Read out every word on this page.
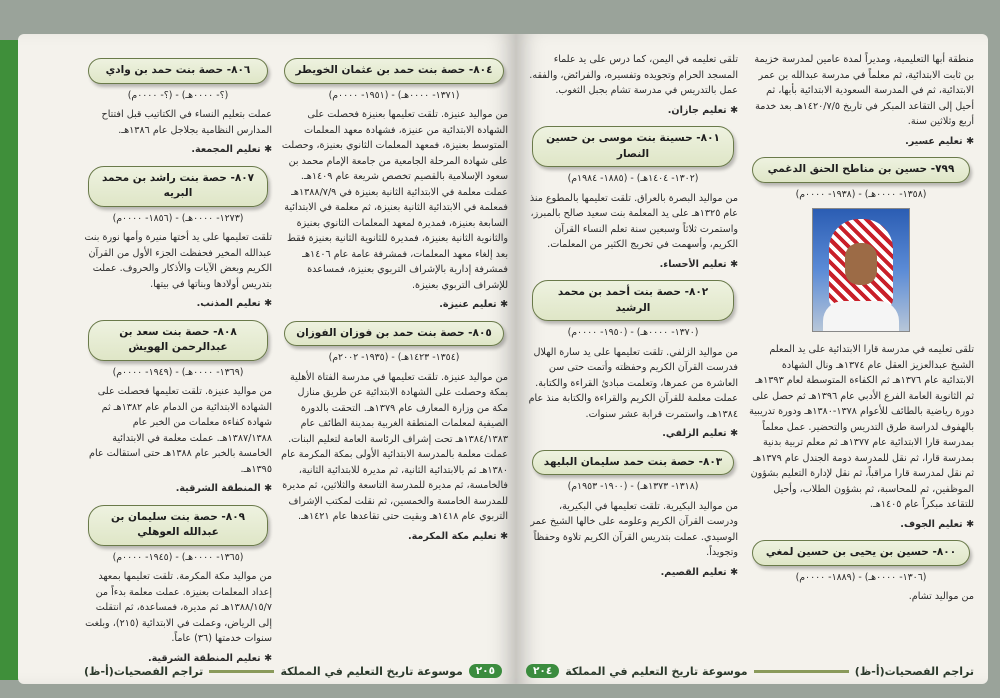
٨٠٤- حصة بنت حمد بن عثمان الخويطر
(١٣٧١- ٠٠٠٠هـ) - (١٩٥١- ٠٠٠٠م)

من مواليد عنيزة. تلقت تعليمها بعنيزة فحصلت على الشهادة الابتدائية من عنيزة، فشهادة معهد المعلمات المتوسط بعنيزة، فمعهد المعلمات الثانوي بعنيزة، وحصلت على شهادة المرحلة الجامعية من جامعة الإمام محمد بن سعود الإسلامية بالقصيم تخصص شريعة عام ١٤٠٩هـ. عملت معلمة في الابتدائية الثانية بعنيزة في ١٣٨٨/٧/٩هـ فمعلمة في الابتدائية الثانية بعنيزة، ثم معلمة في الابتدائية السابعة بعنيزة، فمديرة لمعهد المعلمات الثانوي بعنيزة والثانوية الثانية بعنيزة، فمديرة للثانوية الثانية بعنيزة فقط بعد إلغاء معهد المعلمات، فمشرفة عامة عام ١٤٠٦هـ فمشرفة إدارية بالإشراف التربوي بعنيزة، فمساعدة للإشراف التربوي بعنيزة.

✱ تعليم عنيزة.
٨٠٥- حصة بنت حمد بن فوزان الفوزان
(١٣٥٤- ١٤٢٣هـ) - (١٩٣٥- ٢٠٠٢م)

من مواليد عنيزة. تلقت تعليمها في مدرسة الفتاة الأهلية بمكة وحصلت على الشهادة الابتدائية عن طريق منازل مكة من وزارة المعارف عام ١٣٧٩هـ. التحقت بالدورة الصيفية لمعلمات المنطقة الغربية بمدينة الطائف عام ١٣٨٤/١٣٨٣هـ تحت إشراف الرئاسة العامة لتعليم البنات. عملت معلمة بالمدرسة الابتدائية الأولى بمكة المكرمة عام ١٣٨٠هـ ثم بالابتدائية الثانية، ثم مديرة للابتدائية الثانية، فالخامسة، ثم مديرة للمدرسة التاسعة والثلاثين، ثم مديرة للمدرسة الخامسة والخمسين، ثم نقلت لمكتب الإشراف التربوي عام ١٤١٨هـ وبقيت حتى تقاعدها عام ١٤٢١هـ.

✱ تعليم مكة المكرمة.
٨٠٦- حصة بنت حمد بن وادي
(؟- ٠٠٠٠هـ) - (؟- ٠٠٠٠م)

عملت بتعليم النساء في الكتاتيب قبل افتتاح المدارس النظامية بجلاجل عام ١٣٨٦هـ.

✱ تعليم المجمعة.
٨٠٧- حصة بنت راشد بن محمد البريه
(١٢٧٣- ٠٠٠٠هـ) - (١٨٥٦- ٠٠٠٠م)

تلقت تعليمها على يد أختها منيرة وأمها نورة بنت عبدالله المخير فحفظت الجزء الأول من القرآن الكريم وبعض الآيات والأذكار والحروف. عملت بتدريس أولادها وبناتها في بيتها.

✱ تعليم المذنب.
٨٠٨- حصة بنت سعد بن عبدالرحمن الهويش
(١٣٦٩- ٠٠٠٠هـ) - (١٩٤٩- ٠٠٠٠م)

من مواليد عنيزة. تلقت تعليمها فحصلت على الشهادة الابتدائية من الدمام عام ١٣٨٢هـ ثم شهادة كفاءة معلمات من الخبر عام ١٣٨٧/١٣٨٨هـ. عملت معلمة في الابتدائية الخامسة بالخبر عام ١٣٨٨هـ حتى استقالت عام ١٣٩٥هـ.

✱ المنطقة الشرقية.
٨٠٩- حصة بنت سليمان بن عبدالله العوهلي
(١٣٦٥- ٠٠٠٠هـ) - (١٩٤٥- ٠٠٠٠م)

من مواليد مكة المكرمة. تلقت تعليمها بمعهد إعداد المعلمات بعنيزة. عملت معلمة بدءاً من ١٣٨٨/١٥/٧هـ ثم مديرة، فمساعدة، ثم انتقلت إلى الرياض، وعملت في الابتدائية (٢١٥)، وبلغت سنوات خدمتها (٣٦) عاماً.

✱ تعليم المنطقة الشرقية.
٢٠٥
موسوعة تاريخ التعليم في المملكة
تراجم الفصحيات(أ-ظ)

تلقى تعليمه في اليمن، كما درس على يد علماء المسجد الحرام وتجويده وتفسيره، والفرائض، والفقه. عمل بالتدريس في مدرسة تشام بجبل الثغوب.

✱ تعليم جازان.
٨٠١- حسينة بنت موسى بن حسين النصار
(١٣٠٢- ١٤٠٤هـ) - (١٨٨٥- ١٩٨٤م)

من مواليد البصرة بالعراق. تلقت تعليمها بالمطوع منذ عام ١٣٢٥هـ على يد المعلمة بنت سعيد صالح بالمبرز، واستمرت ثلاثاً وسبعين سنة تعلم النساء القرآن الكريم، وأسهمت في تخريج الكثير من المعلمات.

✱ تعليم الأحساء.
٨٠٢- حصة بنت أحمد بن محمد الرشيد
(١٣٧٠- ٠٠٠٠هـ) - (١٩٥٠- ٠٠٠٠م)

من مواليد الزلفي. تلقت تعليمها على يد سارة الهلال فدرست القرآن الكريم وحفظته وأتمت حتى سن العاشرة من عمرها، وتعلمت مبادئ القراءة والكتابة. عملت معلمة للقرآن الكريم والقراءة والكتابة منذ عام ١٣٨٤هـ، واستمرت قرابة عشر سنوات.

✱ تعليم الزلفي.
٨٠٣- حصة بنت حمد سليمان البليهد
(١٣١٨- ١٣٧٣هـ) - (١٩٠٠- ١٩٥٣م)

من مواليد البكيرية. تلقت تعليمها في البكيرية، ودرست القرآن الكريم وعلومه على خالها الشيخ عمر الوسيدي. عملت بتدريس القرآن الكريم تلاوة وحفظاً وتجويداً.

✱ تعليم القصيم.

منطقة أبها التعليمية، ومديراً لمدة عامين لمدرسة خزيمة بن ثابت الابتدائية، ثم معلماً في مدرسة عبدالله بن عمر الابتدائية، ثم في المدرسة السعودية الابتدائية بأبها، ثم أحيل إلى التقاعد المبكر في تاريخ ١٤٢٠/٧/٥هـ بعد خدمة أربع وثلاثين سنة.

✱ تعليم عسير.
٧٩٩- حسين بن مناطح الحنق الدغمي
(١٣٥٨- ٠٠٠٠هـ) - (١٩٣٨- ٠٠٠٠م)

تلقى تعليمه في مدرسة قارا الابتدائية على يد المعلم الشيخ عبدالعزيز العقل عام ١٣٧٤هـ ونال الشهادة الابتدائية عام ١٣٧٦هـ ثم الكفاءة المتوسطة لعام ١٣٩٣هـ ثم الثانوية العامة الفرع الأدبي عام ١٣٩٦هـ ثم حصل على دورة رياضية بالطائف للأعوام ١٣٧٨-١٣٨٠هـ ودورة تدريبية بالهفوف لدراسة طرق التدريس والتحضير. عمل معلماً بمدرسة قارا الابتدائية عام ١٣٧٧هـ ثم معلم تربية بدنية بمدرسة قارا، ثم نقل للمدرسة دومة الجندل عام ١٣٧٩هـ ثم نقل لمدرسة قارا مراقباً، ثم نقل لإدارة التعليم بشؤون الموظفين، ثم للمحاسبة، ثم بشؤون الطلاب، وأحيل للتقاعد مبكراً عام ١٤٠٥هـ.

✱ تعليم الجوف.
٨٠٠- حسين بن يحيى بن حسين لمغي
(١٣٠٦- ٠٠٠٠هـ) - (١٨٨٩- ٠٠٠٠م)

من مواليد تشام.

تراجم الفصحيات(أ-ظ)
موسوعة تاريخ التعليم في المملكة
٢٠٤
